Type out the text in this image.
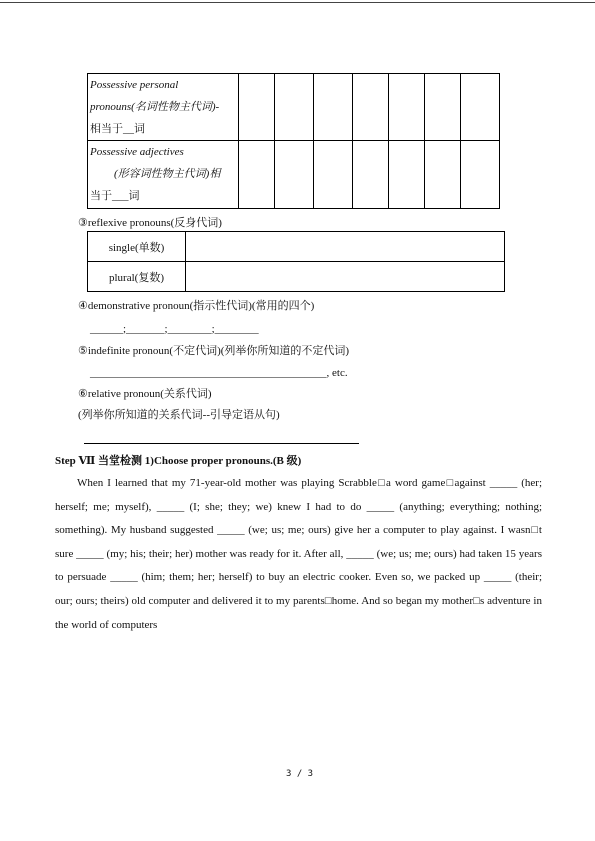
Possessive personal
pronouns(名词性物主代词)-
相当于__词							

Possessive adjectives
(形容词性物主代词)相
当于___词							

③reflexive pronouns(反身代词)
single(单数)	
plural(复数)	
④demonstrative pronoun(指示性代词)(常用的四个)
______;_______;________;________
⑤indefinite pronoun(不定代词)(列举你所知道的不定代词)
___________________________________________, etc.
⑥relative pronoun(关系代词)
(列举你所知道的关系代词--引导定语从句)
Step Ⅶ 当堂检测 1)Choose proper pronouns.(B 级)
When I learned that my 71-year-old mother was playing Scrabble□a word game□against _____ (her; herself; me; myself), _____ (I; she; they; we) knew I had to do _____ (anything; everything; nothing; something). My husband suggested _____ (we; us; me; ours) give her a computer to play against. I wasn□t sure _____ (my; his; their; her) mother was ready for it. After all, _____ (we; us; me; ours) had taken 15 years to persuade _____ (him; them; her; herself) to buy an electric cooker. Even so, we packed up _____ (their; our; ours; theirs) old computer and delivered it to my parents□home. And so began my mother□s adventure in the world of computers
3 / 3
